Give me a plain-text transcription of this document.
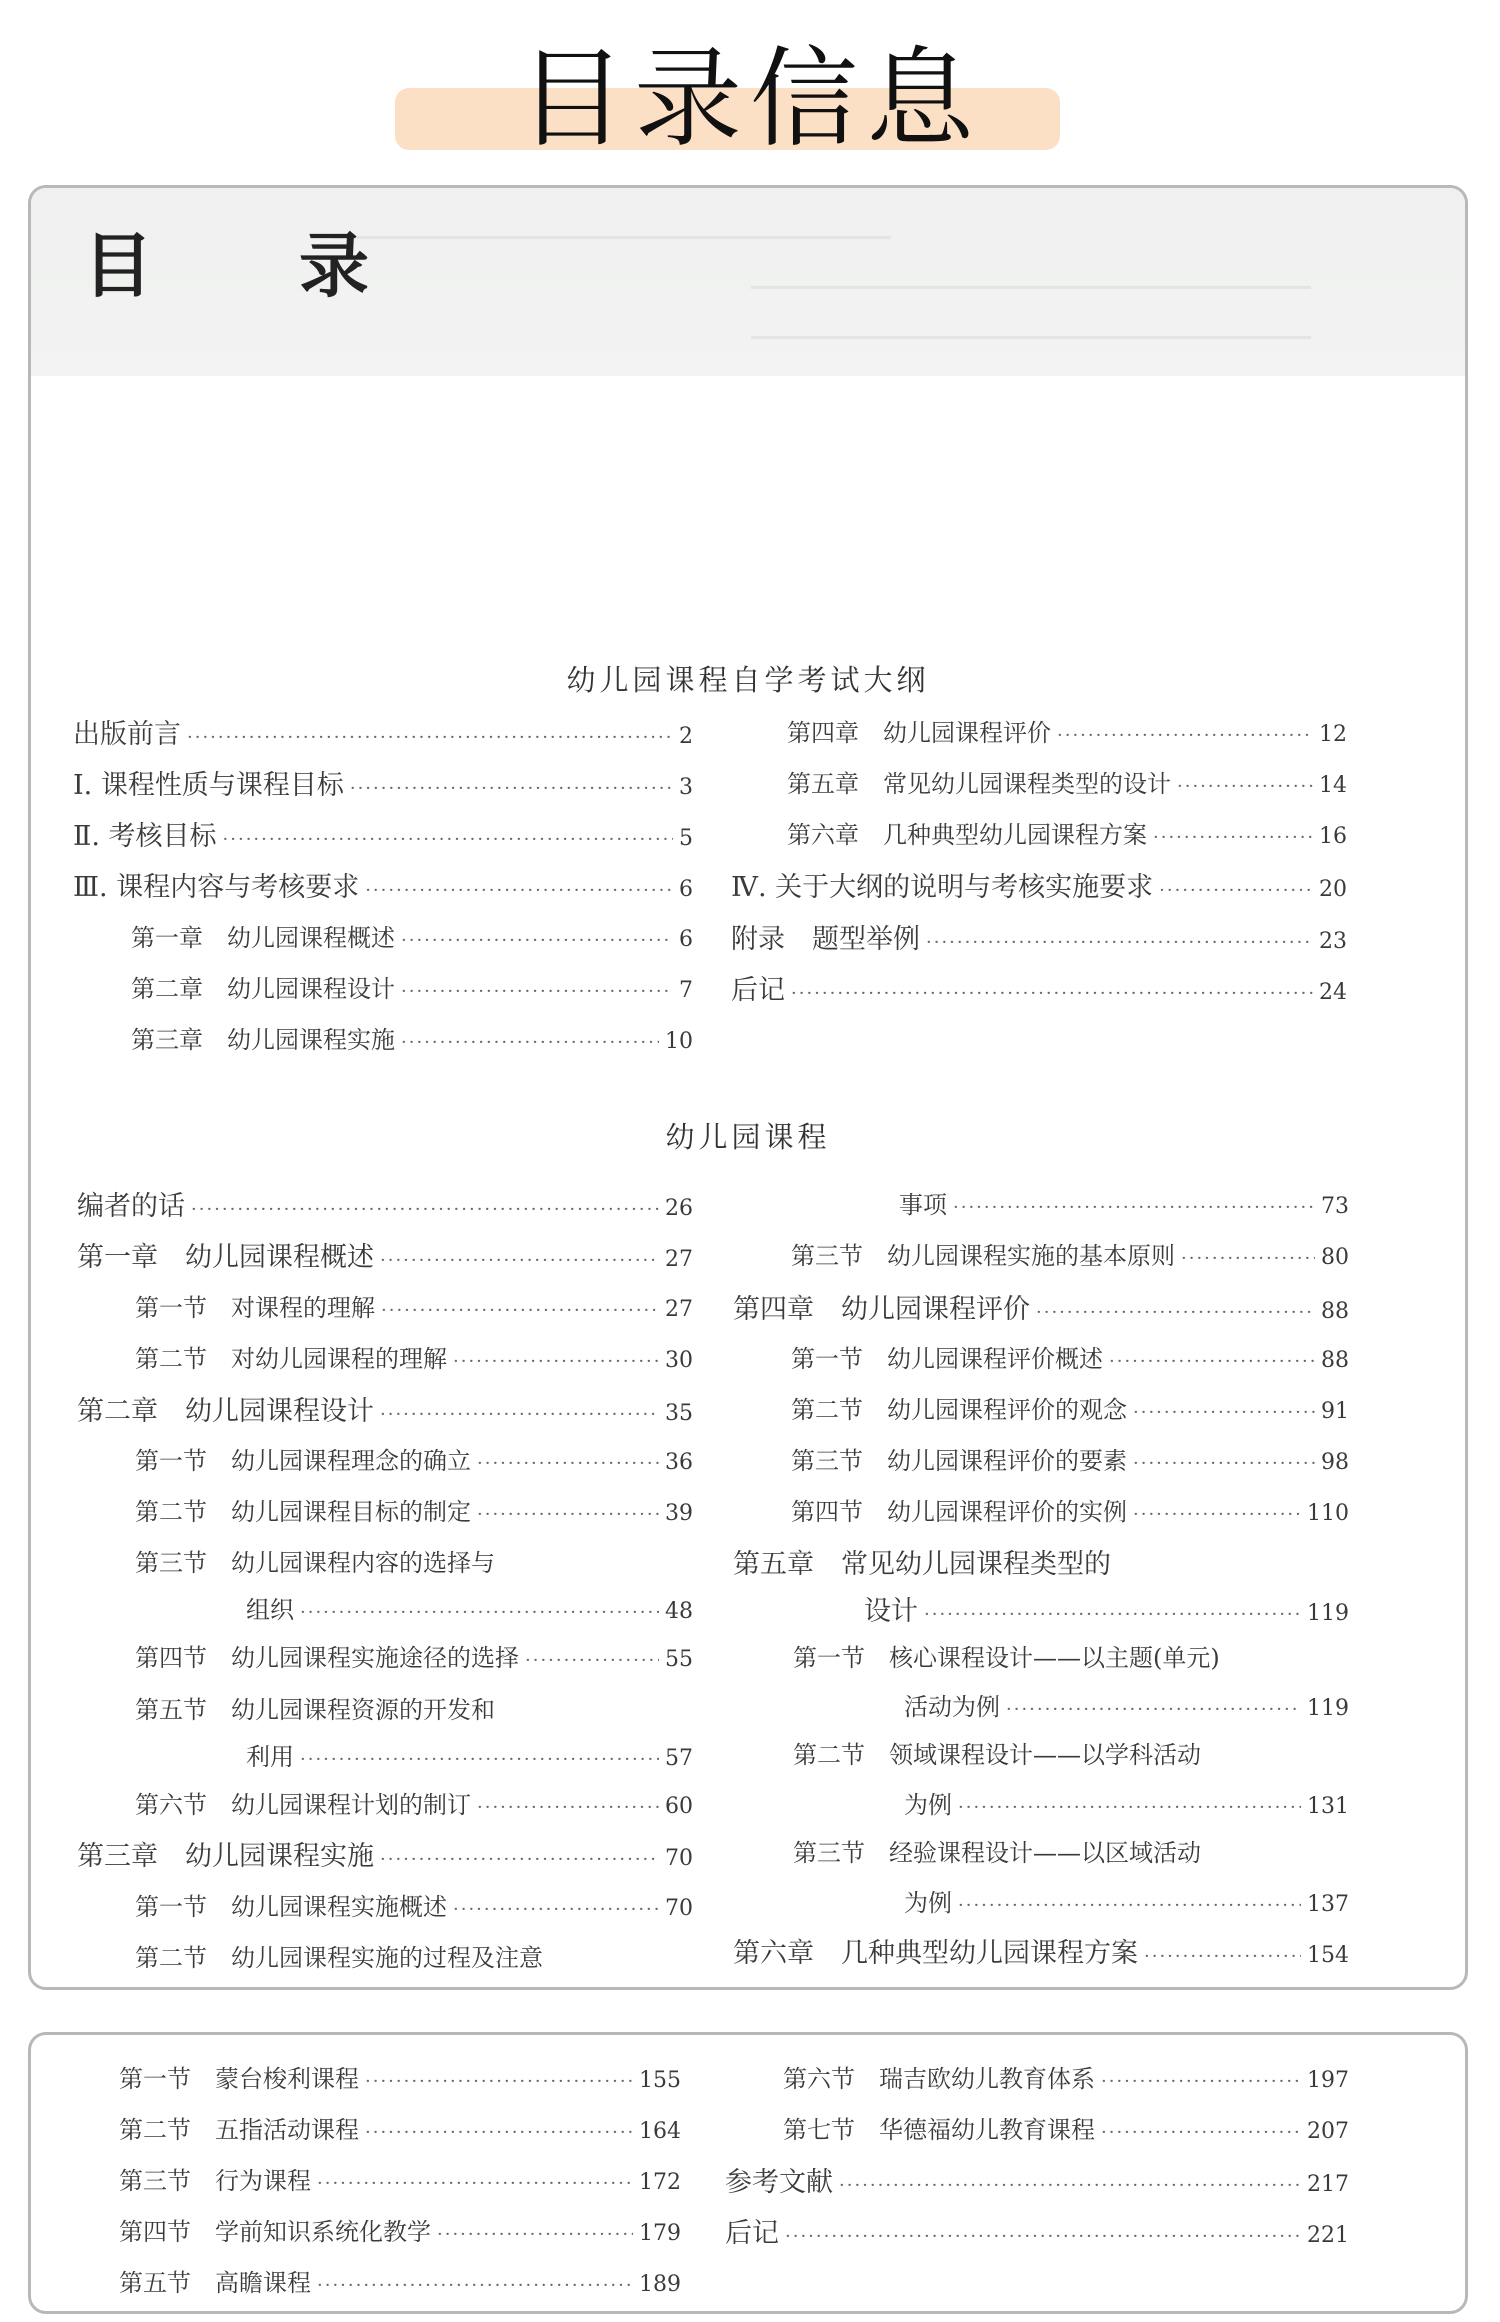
目录信息
目 录
幼儿园课程自学考试大纲
出版前言 ·····	2
Ⅰ. 课程性质与课程目标 ·····	3
Ⅱ. 考核目标 ·····	5
Ⅲ. 课程内容与考核要求 ·····	6
第一章　幼儿园课程概述 ·····	6
第二章　幼儿园课程设计 ·····	7
第三章　幼儿园课程实施 ·····	10
第四章　幼儿园课程评价 ·····	12
第五章　常见幼儿园课程类型的设计 ·····	14
第六章　几种典型幼儿园课程方案 ·····	16
Ⅳ. 关于大纲的说明与考核实施要求 ·····	20
附录　题型举例 ·····	23
后记 ·····	24
幼儿园课程
编者的话 ·····	26
第一章　幼儿园课程概述 ·····	27
第一节　对课程的理解 ·····	27
第二节　对幼儿园课程的理解 ·····	30
第二章　幼儿园课程设计 ·····	35
第一节　幼儿园课程理念的确立 ·····	36
第二节　幼儿园课程目标的制定 ·····	39
第三节　幼儿园课程内容的选择与
组织 ·····	48
第四节　幼儿园课程实施途径的选择 ·····	55
第五节　幼儿园课程资源的开发和
利用 ·····	57
第六节　幼儿园课程计划的制订 ·····	60
第三章　幼儿园课程实施 ·····	70
第一节　幼儿园课程实施概述 ·····	70
第二节　幼儿园课程实施的过程及注意
事项 ·····	73
第三节　幼儿园课程实施的基本原则 ·····	80
第四章　幼儿园课程评价 ·····	88
第一节　幼儿园课程评价概述 ·····	88
第二节　幼儿园课程评价的观念 ·····	91
第三节　幼儿园课程评价的要素 ·····	98
第四节　幼儿园课程评价的实例 ·····	110
第五章　常见幼儿园课程类型的
设计 ·····	119
第一节　核心课程设计——以主题(单元)
活动为例 ·····	119
第二节　领域课程设计——以学科活动
为例 ·····	131
第三节　经验课程设计——以区域活动
为例 ·····	137
第六章　几种典型幼儿园课程方案 ·····	154
第一节　蒙台梭利课程 ·····	155
第二节　五指活动课程 ·····	164
第三节　行为课程 ·····	172
第四节　学前知识系统化教学 ·····	179
第五节　高瞻课程 ·····	189
第六节　瑞吉欧幼儿教育体系 ·····	197
第七节　华德福幼儿教育课程 ·····	207
参考文献 ·····	217
后记 ·····	221
